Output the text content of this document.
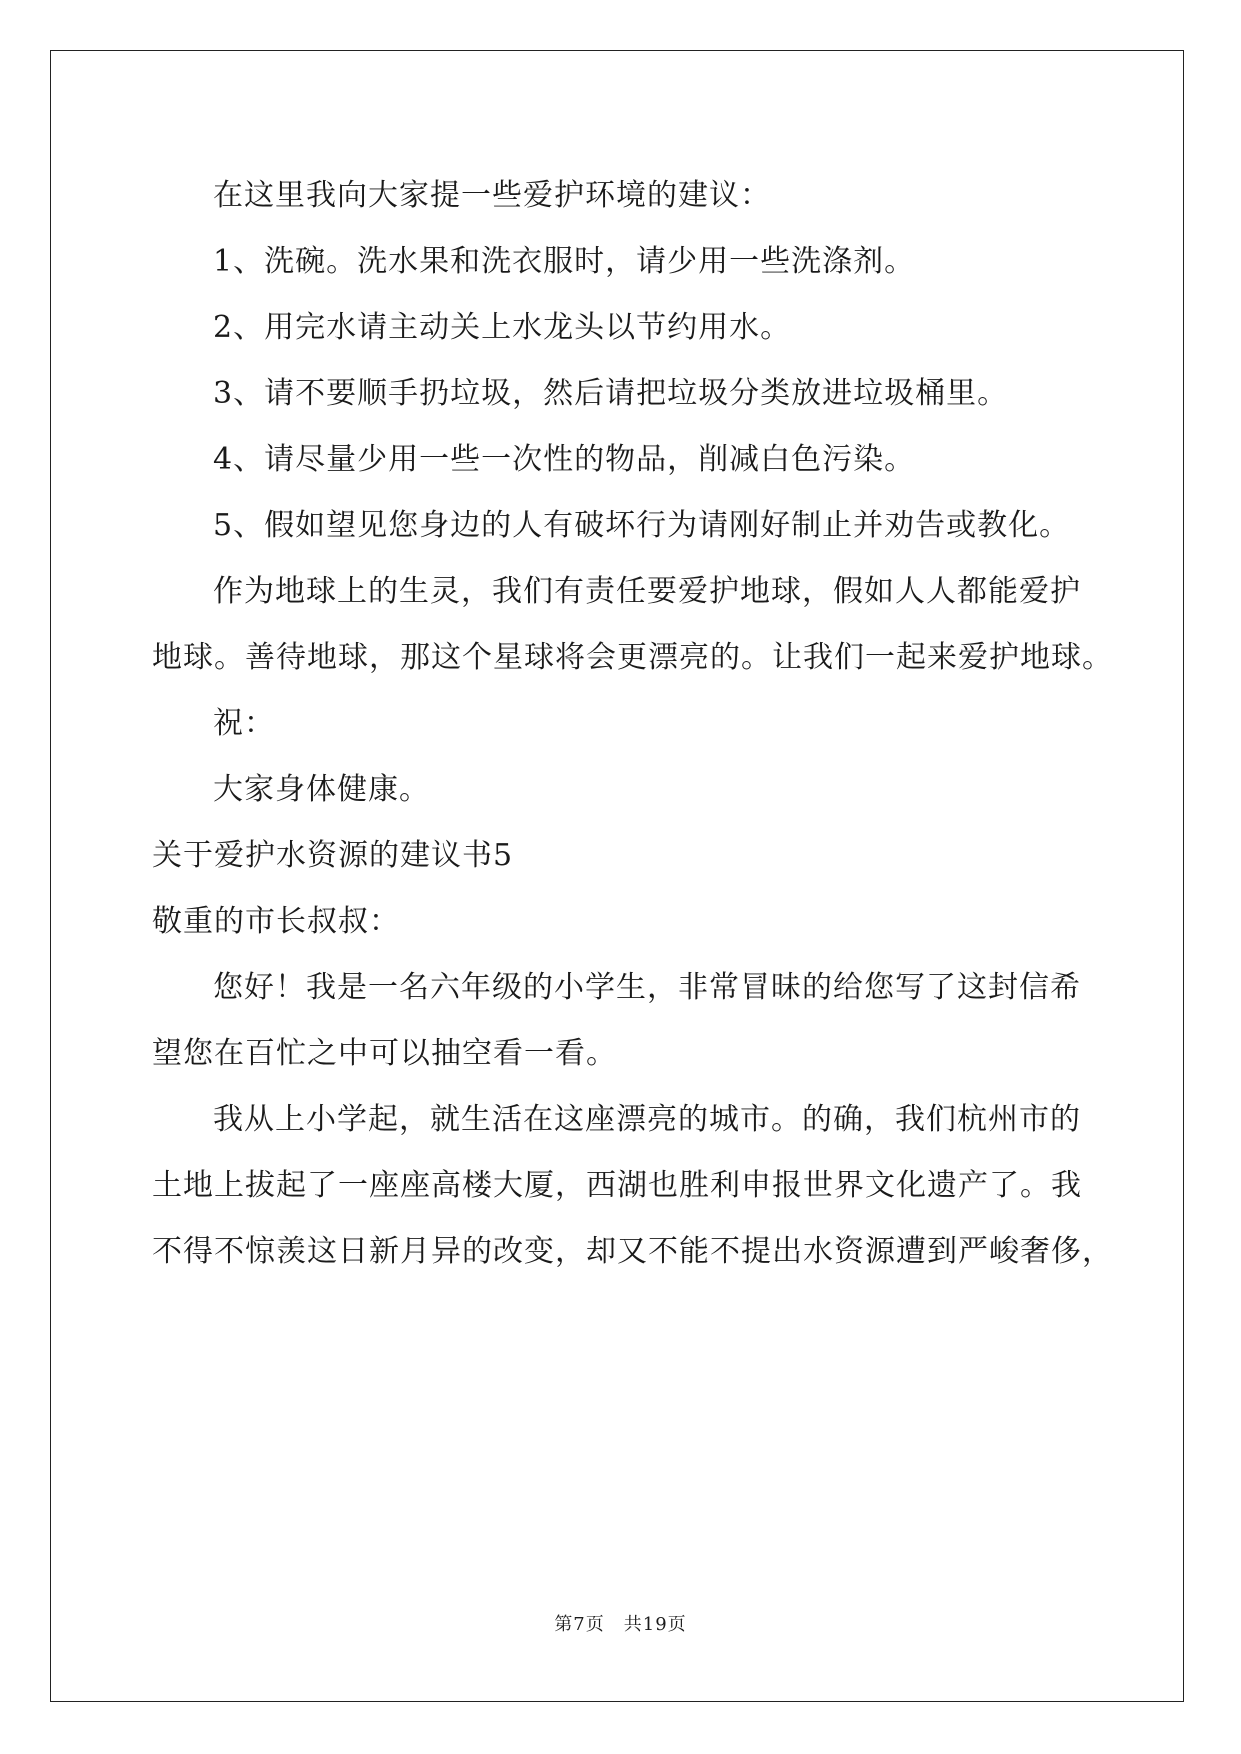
在这里我向大家提一些爱护环境的建议：
1、洗碗。洗水果和洗衣服时，请少用一些洗涤剂。
2、用完水请主动关上水龙头以节约用水。
3、请不要顺手扔垃圾，然后请把垃圾分类放进垃圾桶里。
4、请尽量少用一些一次性的物品，削减白色污染。
5、假如望见您身边的人有破坏行为请刚好制止并劝告或教化。
作为地球上的生灵，我们有责任要爱护地球，假如人人都能爱护
地球。善待地球，那这个星球将会更漂亮的。让我们一起来爱护地球。
祝：
大家身体健康。
关于爱护水资源的建议书5
敬重的市长叔叔：
您好！我是一名六年级的小学生，非常冒昧的给您写了这封信希
望您在百忙之中可以抽空看一看。
我从上小学起，就生活在这座漂亮的城市。的确，我们杭州市的
土地上拔起了一座座高楼大厦，西湖也胜利申报世界文化遗产了。我
不得不惊羡这日新月异的改变，却又不能不提出水资源遭到严峻奢侈，
第7页　共19页
